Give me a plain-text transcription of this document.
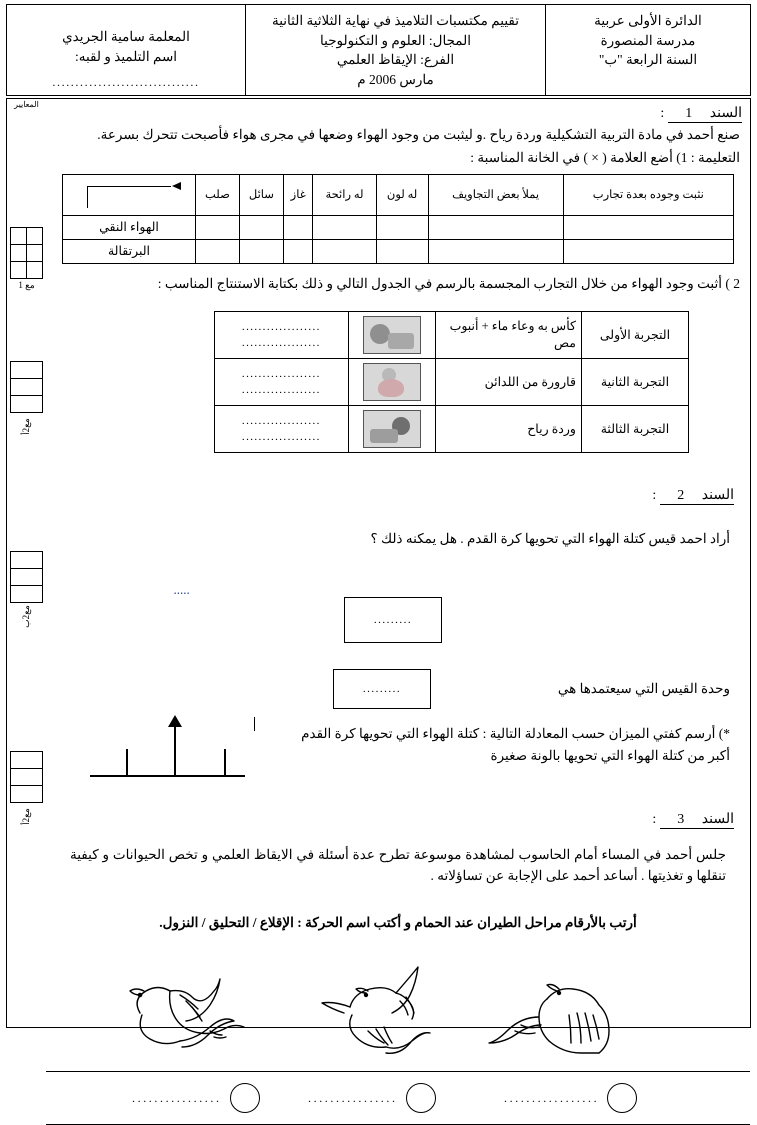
الدائرة الأولى عربية
مدرسة المنصورة
السنة الرابعة "ب"
تقييم مكتسبات التلاميذ في نهاية الثلاثية الثانية
المجال: العلوم و التكنولوجيا
الفرع: الإيقاظ العلمي
مارس 2006 م
المعلمة سامية الجريدي
اسم التلميذ و لقبه:
................................
السند     1      :
صنع أحمد في مادة التربية التشكيلية وردة رياح .و ليثبت من وجود الهواء وضعها في مجرى هواء فأصبحت تتحرك بسرعة.
التعليمة : 1) أضع العلامة ( × ) في الخانة المناسبة :
نثبت وجوده بعدة تجارب	يملأ بعض التجاويف	له لون	له رائحة	غاز	سائل	صلب	

							الهواء النقي
							البرتقالة
2 ) أثبت وجود الهواء من خلال التجارب المجسمة بالرسم في الجدول التالي و ذلك بكتابة الاستنتاج المناسب :
التجربة الأولى	كأس به وعاء ماء + أنبوب مص		...................
...................

التجربة الثانية	قارورة من اللدائن		...................
...................

التجربة الثالثة	وردة رياح		...................
...................
.....
السند     2      :
أراد احمد قيس كتلة الهواء التي تحويها كرة القدم . هل يمكنه ذلك ؟
.........
وحدة القيس التي سيعتمدها هي
.........
*) أرسم كفتي الميزان حسب المعادلة التالية : كتلة الهواء التي تحويها كرة القدم أكبر من كتلة الهواء التي تحويها بالونة صغيرة
السند     3      :
جلس أحمد في المساء أمام الحاسوب لمشاهدة موسوعة تطرح عدة أسئلة في الايقاظ العلمي و تخص الحيوانات و كيفية تنقلها و تغذيتها . أساعد أحمد على الإجابة عن تساؤلاته .
أرتب بالأرقام مراحل الطيران عند الحمام و أكتب اسم الحركة : الإقلاع / التحليق / النزول.
................	................	.................
المعايير
مع 1
مع2أ
مع2ب
مع2أ
